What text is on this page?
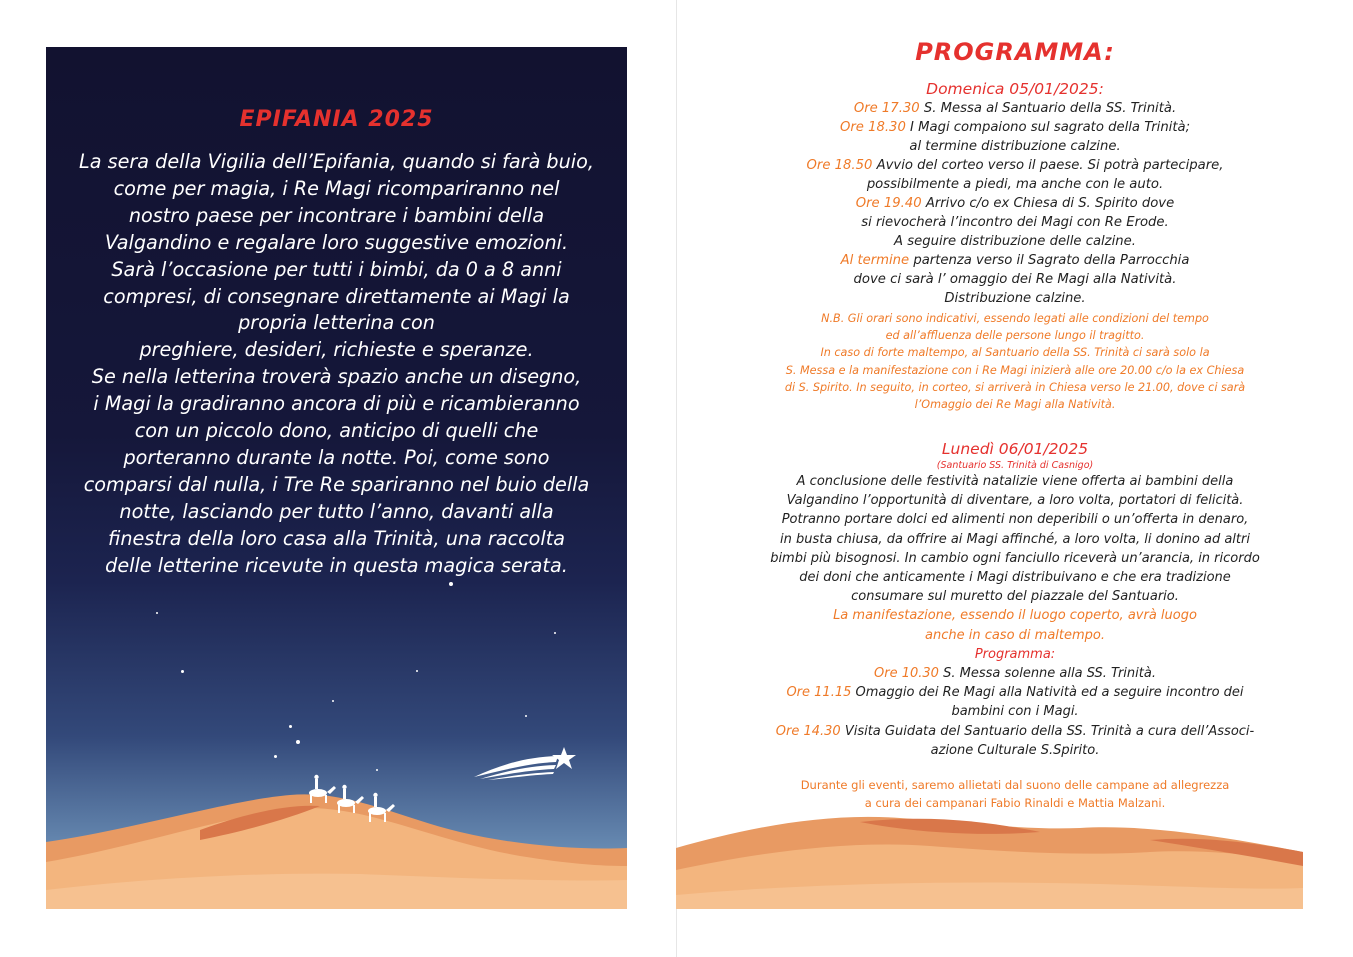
EPIFANIA 2025
La sera della Vigilia dell’Epifania, quando si farà buio,
come per magia, i Re Magi ricompariranno nel
nostro paese per incontrare i bambini della
Valgandino e regalare loro suggestive emozioni.
Sarà l’occasione per tutti i bimbi, da 0 a 8 anni
compresi, di consegnare direttamente ai Magi la
propria letterina con
preghiere, desideri, richieste e speranze.
Se nella letterina troverà spazio anche un disegno,
i Magi la gradiranno ancora di più e ricambieranno
con un piccolo dono, anticipo di quelli che
porteranno durante la notte. Poi, come sono
comparsi dal nulla, i Tre Re spariranno nel buio della
notte, lasciando per tutto l’anno, davanti alla
finestra della loro casa alla Trinità, una raccolta
delle letterine ricevute in questa magica serata.
PROGRAMMA:
Domenica 05/01/2025:
Ore 17.30 S. Messa al Santuario della SS. Trinità.
Ore 18.30 I Magi compaiono sul sagrato della Trinità;
al termine distribuzione calzine.
Ore 18.50 Avvio del corteo verso il paese. Si potrà partecipare,
possibilmente a piedi, ma anche con le auto.
Ore 19.40 Arrivo c/o ex Chiesa di S. Spirito dove
si rievocherà l’incontro dei Magi con Re Erode.
A seguire distribuzione delle calzine.
Al termine partenza verso il Sagrato della Parrocchia
dove ci sarà l’ omaggio dei Re Magi alla Natività.
Distribuzione calzine.
N.B. Gli orari sono indicativi, essendo legati alle condizioni del tempo
ed all’affluenza delle persone lungo il tragitto.
In caso di forte maltempo, al Santuario della SS. Trinità ci sarà solo la
S. Messa e la manifestazione con i Re Magi inizierà alle ore 20.00 c/o la ex Chiesa
di S. Spirito. In seguito, in corteo, si arriverà in Chiesa verso le 21.00, dove ci sarà
l’Omaggio dei Re Magi alla Natività.
Lunedì 06/01/2025
(Santuario SS. Trinità di Casnigo)
A conclusione delle festività natalizie viene offerta ai bambini della
Valgandino l’opportunità di diventare, a loro volta, portatori di felicità.
Potranno portare dolci ed alimenti non deperibili o un’offerta in denaro,
in busta chiusa, da offrire ai Magi affinché, a loro volta, li donino ad altri
bimbi più bisognosi. In cambio ogni fanciullo riceverà un’arancia, in ricordo
dei doni che anticamente i Magi distribuivano e che era tradizione
consumare sul muretto del piazzale del Santuario.
La manifestazione, essendo il luogo coperto, avrà luogo
anche in caso di maltempo.
Programma:
Ore 10.30 S. Messa solenne alla SS. Trinità.
Ore 11.15 Omaggio dei Re Magi alla Natività ed a seguire incontro dei
bambini con i Magi.
Ore 14.30 Visita Guidata del Santuario della SS. Trinità a cura dell’Associ-
azione Culturale S.Spirito.
Durante gli eventi, saremo allietati dal suono delle campane ad allegrezza
a cura dei campanari Fabio Rinaldi e Mattia Malzani.
